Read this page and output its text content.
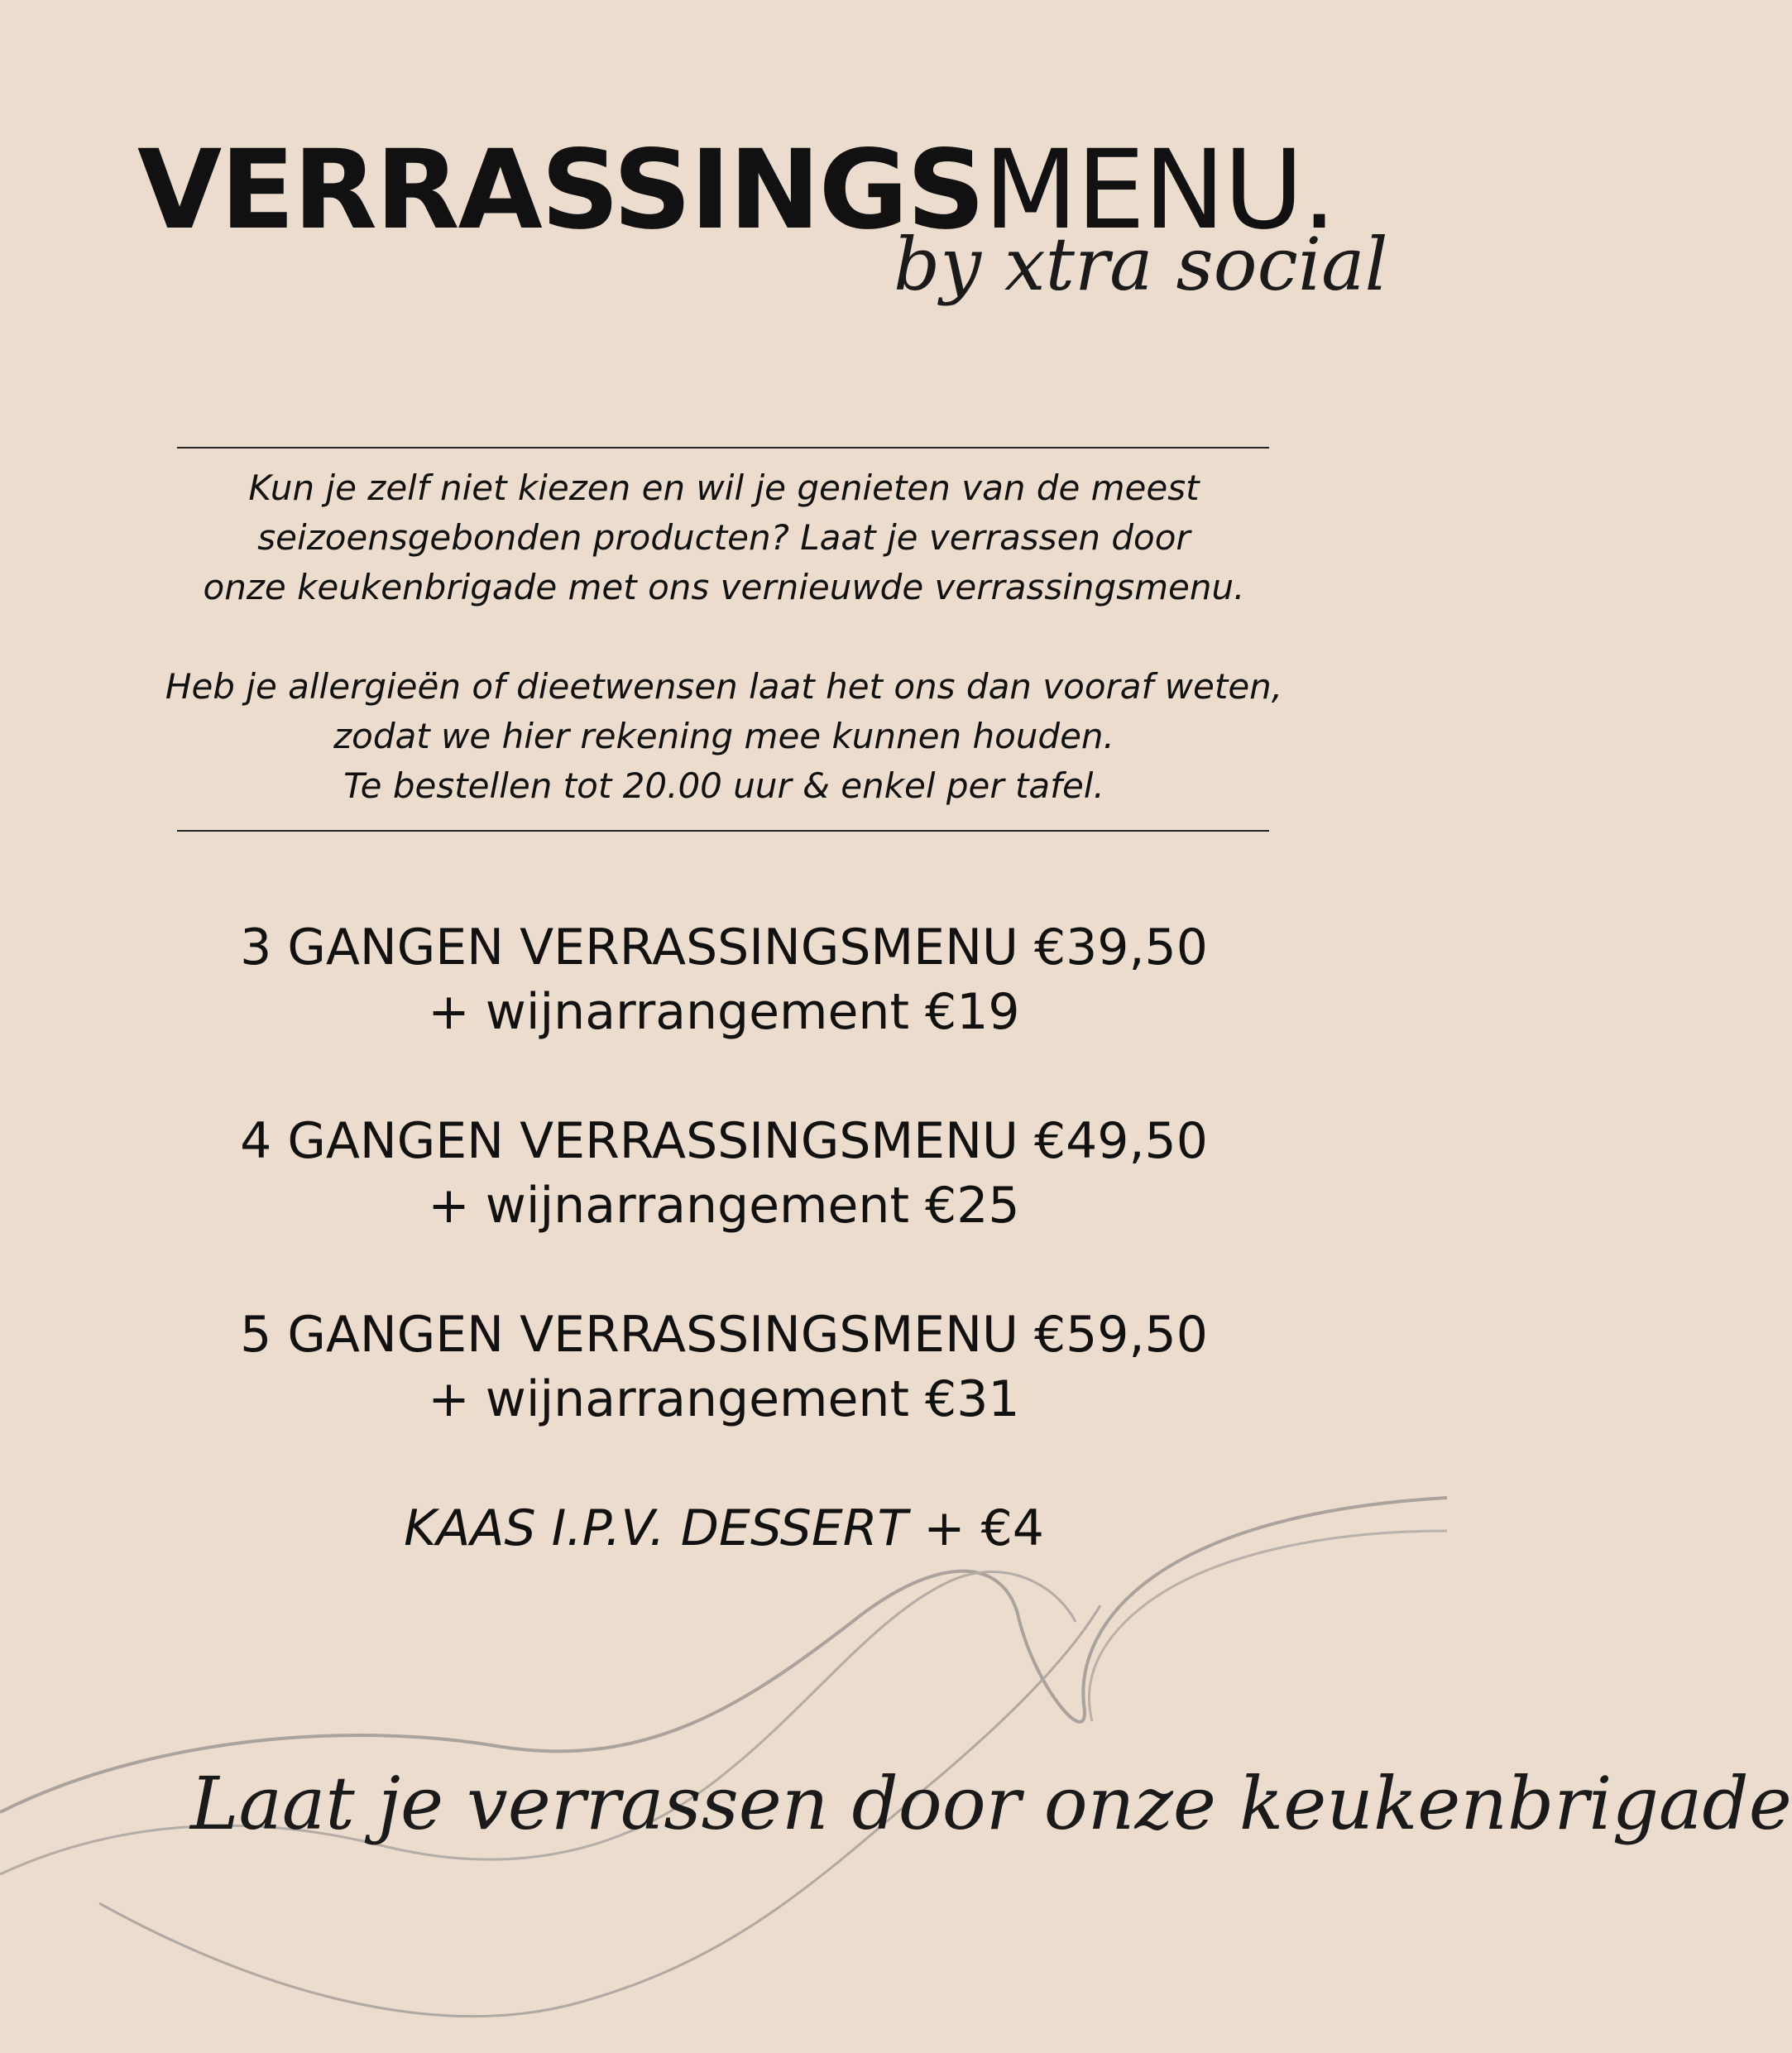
VERRASSINGSMENU.
by xtra social

Kun je zelf niet kiezen en wil je genieten van de meest

seizoensgebonden producten? Laat je verrassen door

onze keukenbrigade met ons vernieuwde verrassingsmenu.

Heb je allergieën of dieetwensen laat het ons dan vooraf weten,

zodat we hier rekening mee kunnen houden.

Te bestellen tot 20.00 uur & enkel per tafel.

3 GANGEN VERRASSINGSMENU €39,50
+ wijnarrangement €19
4 GANGEN VERRASSINGSMENU €49,50
+ wijnarrangement €25
5 GANGEN VERRASSINGSMENU €59,50
+ wijnarrangement €31
KAAS I.P.V. DESSERT + €4
Laat je verrassen door onze keukenbrigade
